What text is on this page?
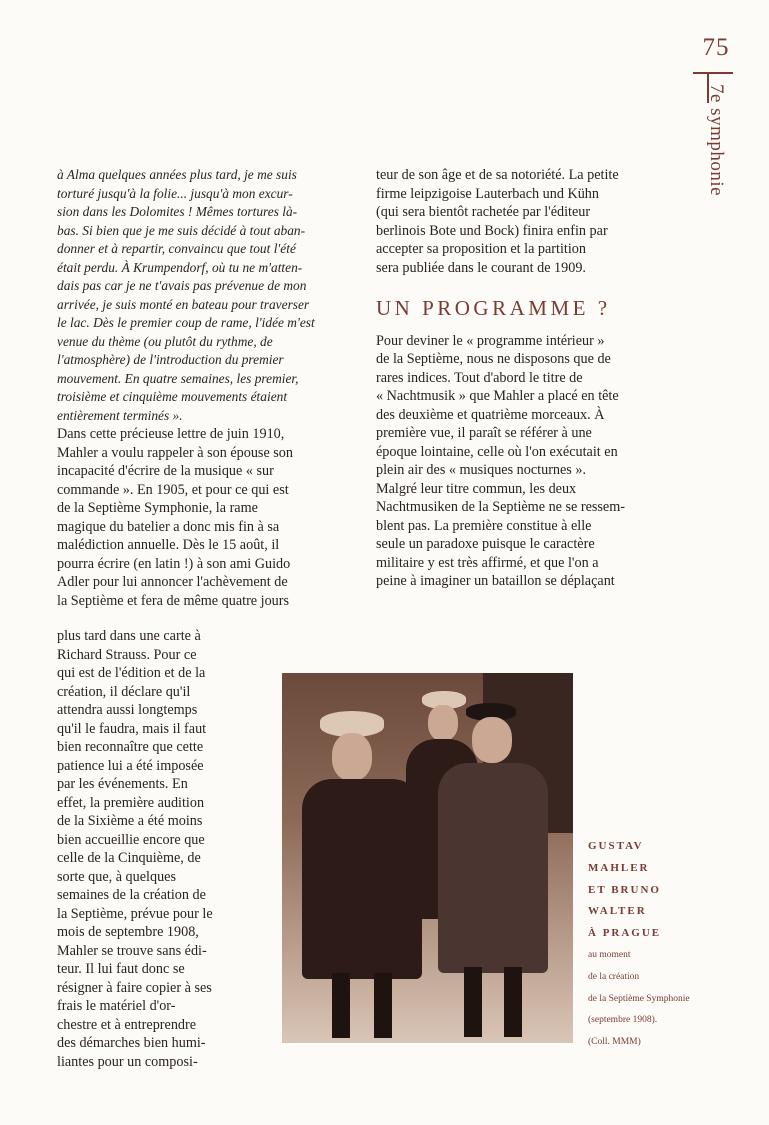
75
7e symphonie

à Alma quelques années plus tard, je me suis
torturé jusqu'à la folie... jusqu'à mon excur-
sion dans les Dolomites ! Mêmes tortures là-
bas. Si bien que je me suis décidé à tout aban-
donner et à repartir, convaincu que tout l'été
était perdu. À Krumpendorf, où tu ne m'atten-
dais pas car je ne t'avais pas prévenue de mon
arrivée, je suis monté en bateau pour traverser
le lac. Dès le premier coup de rame, l'idée m'est
venue du thème (ou plutôt du rythme, de
l'atmosphère) de l'introduction du premier
mouvement. En quatre semaines, les premier,
troisième et cinquième mouvements étaient
entièrement terminés ».

Dans cette précieuse lettre de juin 1910,
Mahler a voulu rappeler à son épouse son
incapacité d'écrire de la musique « sur
commande ». En 1905, et pour ce qui est
de la Septième Symphonie, la rame
magique du batelier a donc mis fin à sa
malédiction annuelle. Dès le 15 août, il
pourra écrire (en latin !) à son ami Guido
Adler pour lui annoncer l'achèvement de
la Septième et fera de même quatre jours

plus tard dans une carte à
Richard Strauss. Pour ce
qui est de l'édition et de la
création, il déclare qu'il
attendra aussi longtemps
qu'il le faudra, mais il faut
bien reconnaître que cette
patience lui a été imposée
par les événements. En
effet, la première audition
de la Sixième a été moins
bien accueillie encore que
celle de la Cinquième, de
sorte que, à quelques
semaines de la création de
la Septième, prévue pour le
mois de septembre 1908,
Mahler se trouve sans édi-
teur. Il lui faut donc se
résigner à faire copier à ses
frais le matériel d'or-
chestre et à entreprendre
des démarches bien humi-
liantes pour un composi-

teur de son âge et de sa notoriété. La petite
firme leipzigoise Lauterbach und Kühn
(qui sera bientôt rachetée par l'éditeur
berlinois Bote und Bock) finira enfin par
accepter sa proposition et la partition
sera publiée dans le courant de 1909.

UN PROGRAMME ?

Pour deviner le « programme intérieur »
de la Septième, nous ne disposons que de
rares indices. Tout d'abord le titre de
« Nachtmusik » que Mahler a placé en tête
des deuxième et quatrième morceaux. À
première vue, il paraît se référer à une
époque lointaine, celle où l'on exécutait en
plein air des « musiques nocturnes ».
Malgré leur titre commun, les deux
Nachtmusiken de la Septième ne se ressem-
blent pas. La première constitue à elle
seule un paradoxe puisque le caractère
militaire y est très affirmé, et que l'on a
peine à imaginer un bataillon se déplaçant

GUSTAV
MAHLER
ET BRUNO
WALTER
À PRAGUE
au moment
de la création
de la Septième Symphonie
(septembre 1908).
(Coll. MMM)
